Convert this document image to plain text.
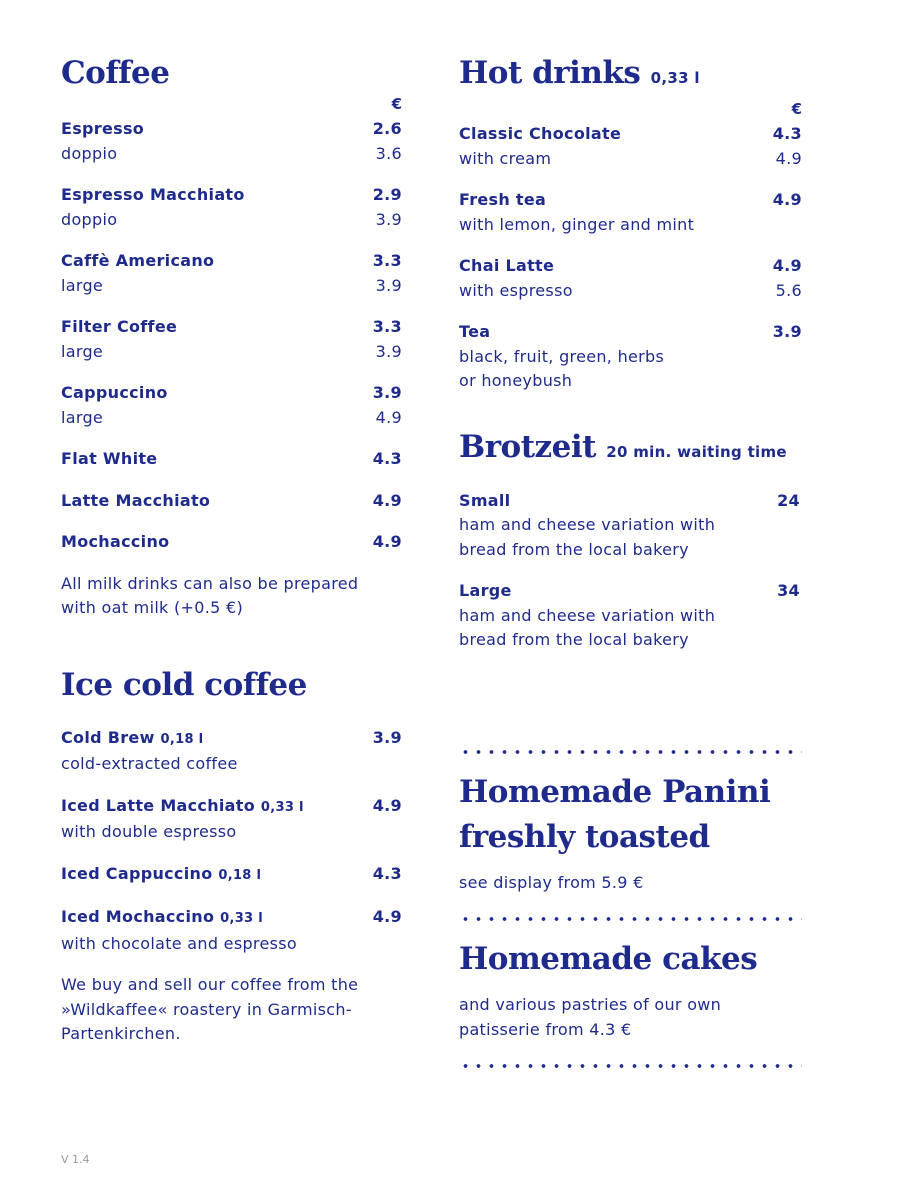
Coffee
€
Espresso	2.6
doppio	3.6
Espresso Macchiato	2.9
doppio	3.9
Caffè Americano	3.3
large	3.9
Filter Coffee	3.3
large	3.9
Cappuccino	3.9
large	4.9
Flat White	4.3
Latte Macchiato	4.9
Mochaccino	4.9
All milk drinks can also be prepared
with oat milk (+0.5 €)
Ice cold coffee
Cold Brew 0,18 l	3.9
cold-extracted coffee
Iced Latte Macchiato 0,33 l	4.9
with double espresso
Iced Cappuccino 0,18 l	4.3
Iced Mochaccino 0,33 l	4.9
with chocolate and espresso
We buy and sell our coffee from the
»Wildkaffee« roastery in Garmisch-
Partenkirchen.
Hot drinks 0,33 l
€
Classic Chocolate	4.3
with cream	4.9
Fresh tea	4.9
with lemon, ginger and mint
Chai Latte	4.9
with espresso	5.6
Tea	3.9
black, fruit, green, herbs
or honeybush
Brotzeit 20 min. waiting time
Small	24
ham and cheese variation with
bread from the local bakery
Large	34
ham and cheese variation with
bread from the local bakery
Homemade Panini
freshly toasted
see display from 5.9 €
Homemade cakes
and various pastries of our own
patisserie from 4.3 €
V 1.4
